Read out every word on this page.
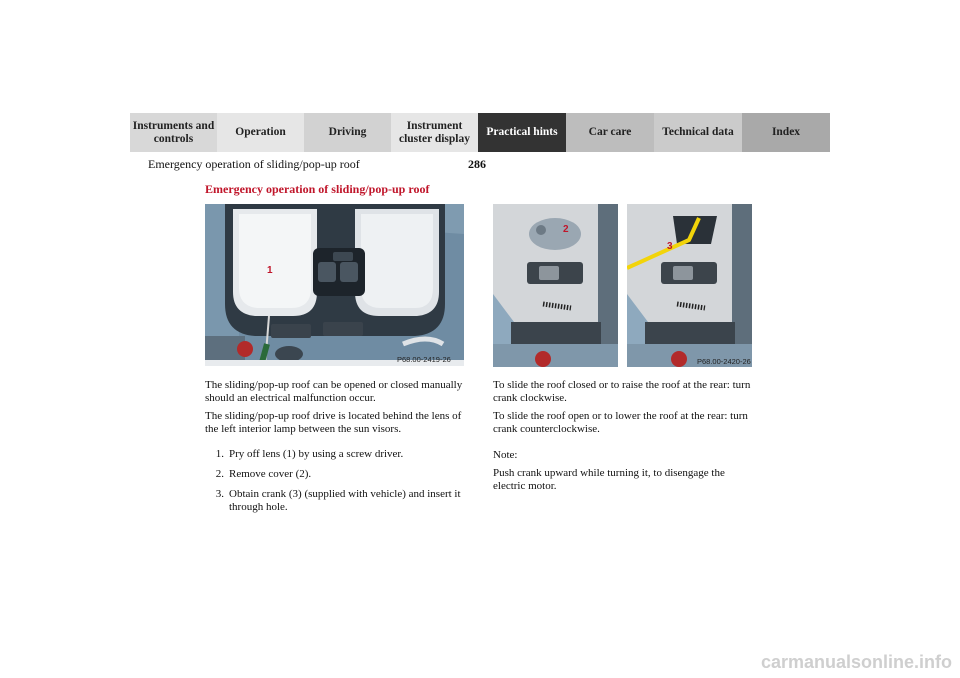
Instruments and controls
Operation	Driving
Instrument cluster display
Practical hints	Car care	Technical data	Index
Emergency operation of sliding/pop-up roof	286
Emergency operation of sliding/pop-up roof
1
P68.00-2419-26
2
3
P68.00-2420-26

The sliding/pop-up roof can be opened or closed manually should an electrical malfunction occur.

The sliding/pop-up roof drive is located behind the lens of the left interior lamp between the sun visors.

1. Pry off lens (1) by using a screw driver.
2. Remove cover (2).
3. Obtain crank (3) (supplied with vehicle) and insert it through hole.

To slide the roof closed or to raise the roof at the rear: turn crank clockwise.

To slide the roof open or to lower the roof at the rear: turn crank counterclockwise.

Note:

Push crank upward while turning it, to disengage the electric motor.

carmanualsonline.info
